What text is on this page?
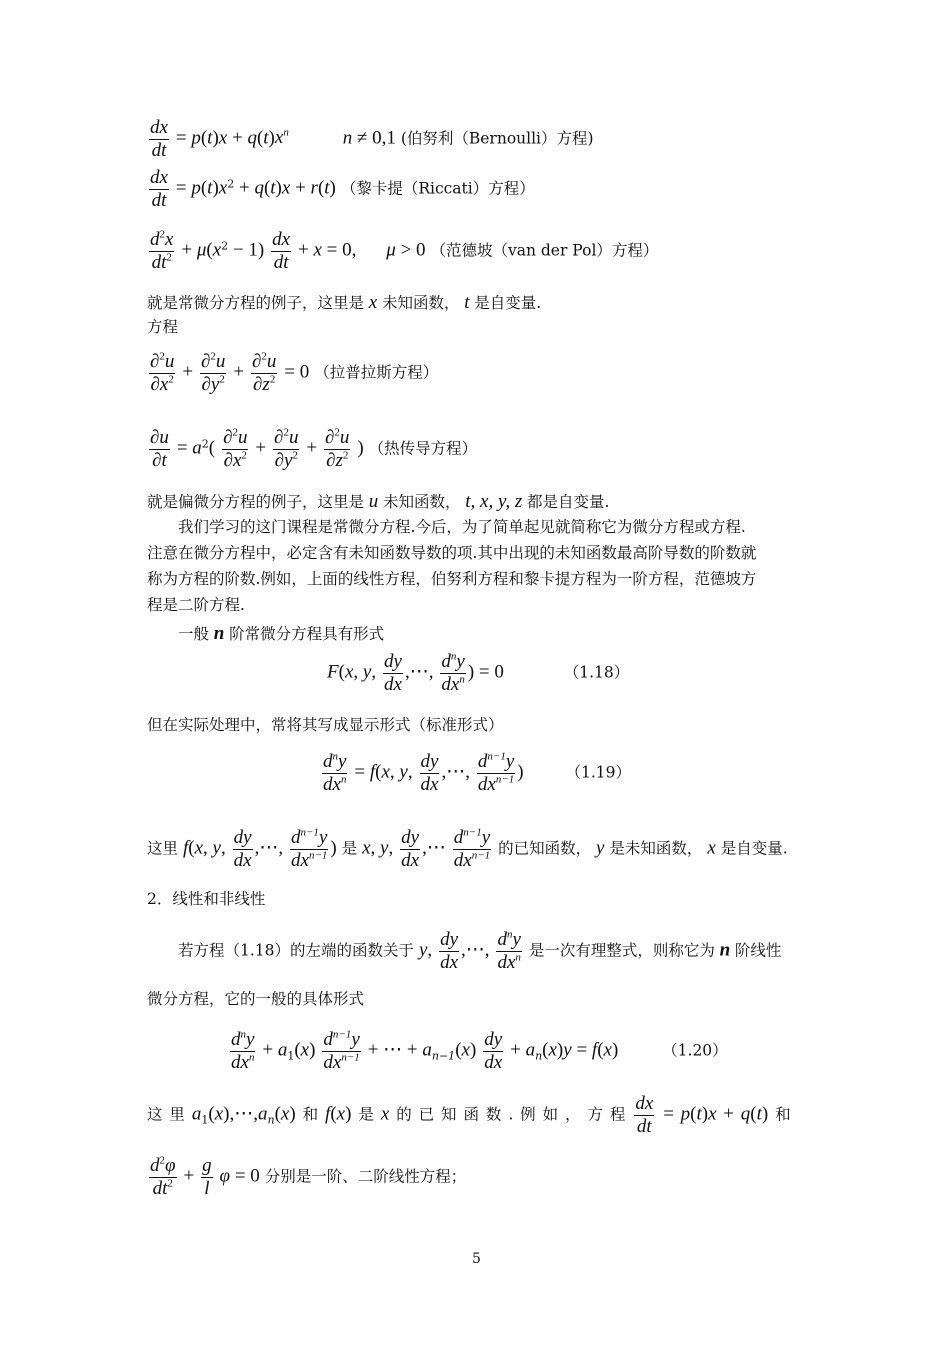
$\frac{dx}{dt} = p(t)x + q(t)x^n$	n ≠ 0,1 (伯努利（Bernoulli）方程)
$\frac{dx}{dt} = p(t)x^2 + q(t)x + r(t)$ （黎卡提（Riccati）方程）
$\frac{d^2x}{dt^2} + \mu(x^2 - 1) \frac{dx}{dt} + x = 0$, μ > 0 （范德坡（van der Pol）方程）
就是常微分方程的例子，这里是 x 未知函数， t 是自变量.
方程
$\frac{\partial^2u}{\partial x^2} + \frac{\partial^2u}{\partial y^2} + \frac{\partial^2u}{\partial z^2} = 0$ （拉普拉斯方程）
$\frac{\partial u}{\partial t} = a^2( \frac{\partial^2u}{\partial x^2} + \frac{\partial^2u}{\partial y^2} + \frac{\partial^2u}{\partial z^2}$ ) （热传导方程）
就是偏微分方程的例子，这里是 u 未知函数， t, x, y, z 都是自变量.
我们学习的这门课程是常微分方程.今后，为了简单起见就简称它为微分方程或方程.
注意在微分方程中，必定含有未知函数导数的项.其中出现的未知函数最高阶导数的阶数就
称为方程的阶数.例如，上面的线性方程，伯努利方程和黎卡提方程为一阶方程，范德坡方
程是二阶方程.
一般 n 阶常微分方程具有形式
F(x, y, $\frac{dy}{dx}$ ,⋯, $\frac{d^ny}{dx^n}$ ) = 0	（1.18）
但在实际处理中，常将其写成显示形式（标准形式）
$\frac{d^ny}{dx^n} = f(x$, y, $\frac{dy}{dx}$ ,⋯, $\frac{d^{n-1}y}{dx^{n-1}}$ )	（1.19）
这里 f(x, y, $\frac{dy}{dx}$ ,⋯, $\frac{d^{n-1}y}{dx^{n-1}}$ ) 是 x, y, $\frac{dy}{dx}$ ,⋯ $\frac{d^{n-1}y}{dx^{n-1}}$ 的已知函数， y 是未知函数， x 是自变量.
2．线性和非线性
若方程（1.18）的左端的函数关于 y, $\frac{dy}{dx}$ ,⋯, $\frac{d^ny}{dx^n}$ 是一次有理整式，则称它为 n 阶线性
微分方程，它的一般的具体形式
$\frac{d^ny}{dx^n} + a_1(x) \frac{d^{n-1}y}{dx^{n-1}}$ + ⋯ + $a_{n-1}(x) \frac{dy}{dx} + a_n(x)y = f(x)$	（1.20）
这 里 $a_1(x),\cdots,a_n(x)$ 和 f(x) 是 x 的 已 知 函 数 . 例 如 ， 方 程 $\frac{dx}{dt} = p(t)x + q(t)$ 和
$\frac{d^2\varphi}{dt^2} + \frac{g}{l}$ φ = 0 分别是一阶、二阶线性方程；
5
